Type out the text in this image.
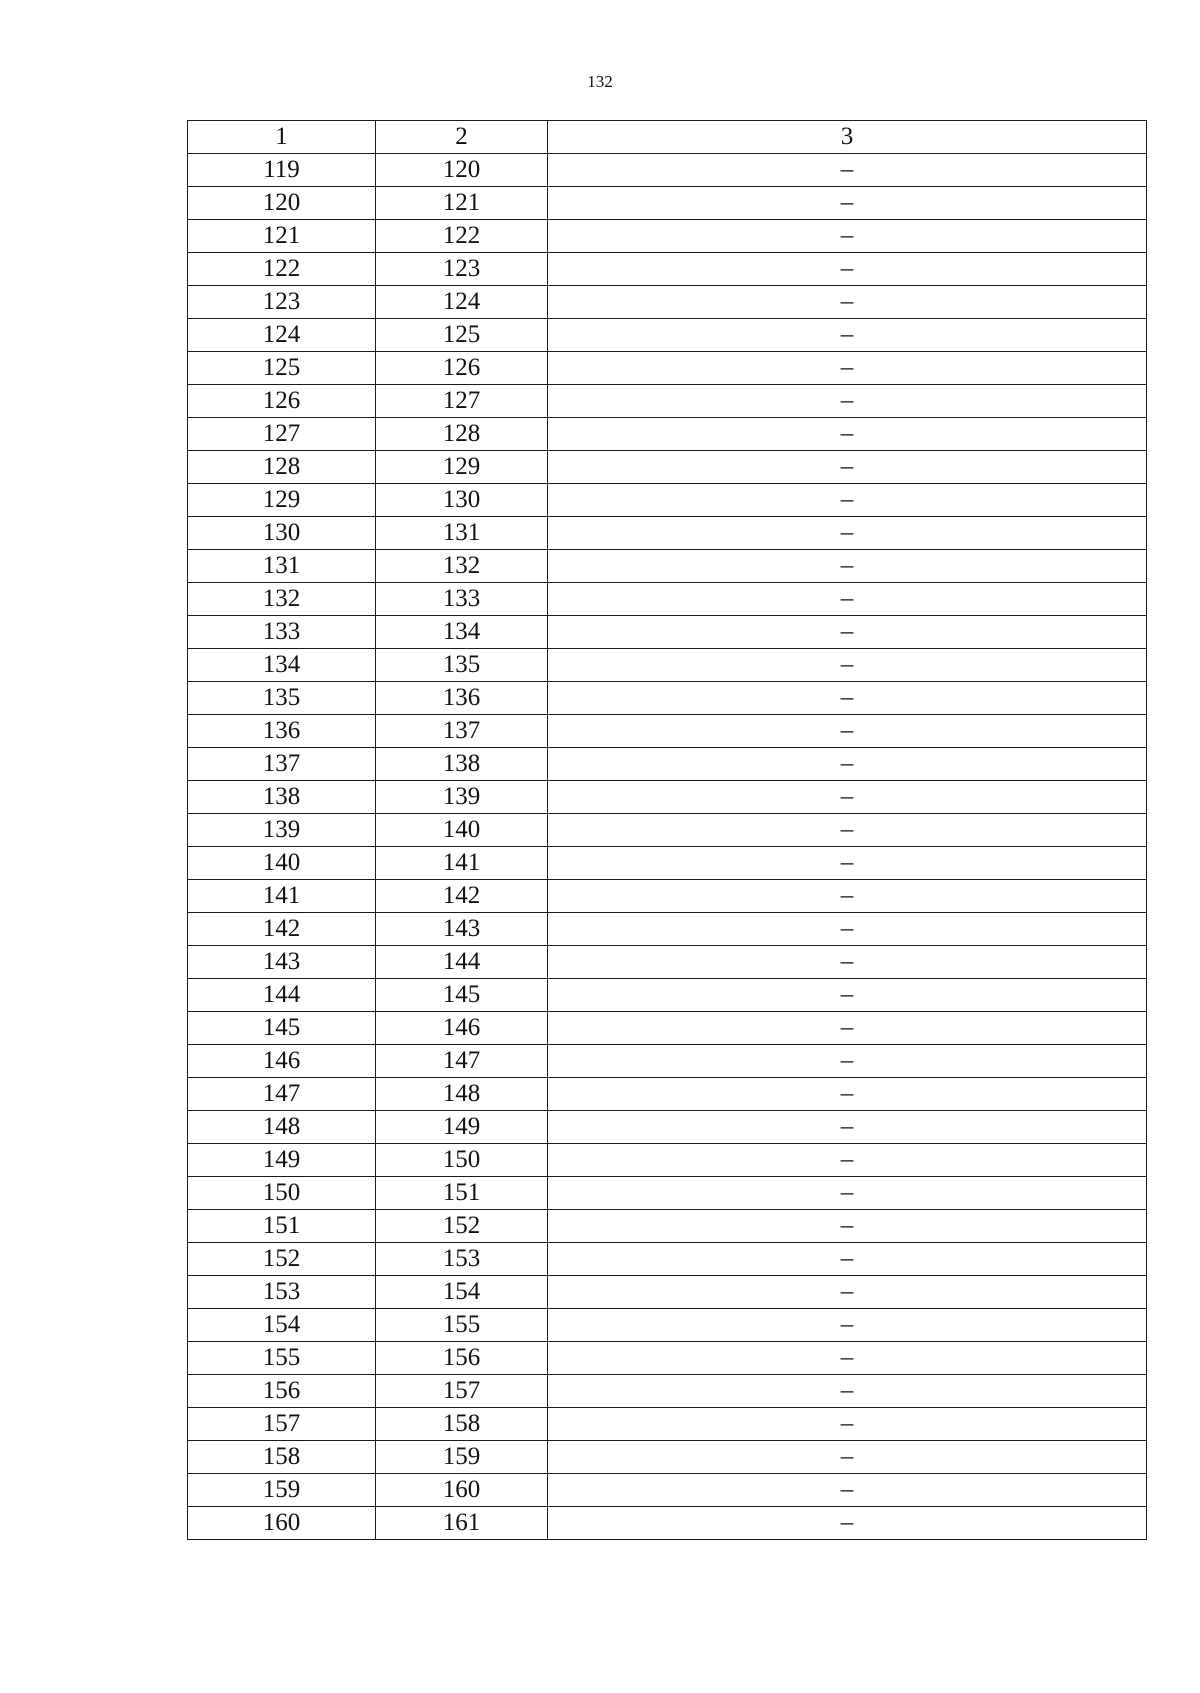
132
1	2	3
119	120	–
120	121	–
121	122	–
122	123	–
123	124	–
124	125	–
125	126	–
126	127	–
127	128	–
128	129	–
129	130	–
130	131	–
131	132	–
132	133	–
133	134	–
134	135	–
135	136	–
136	137	–
137	138	–
138	139	–
139	140	–
140	141	–
141	142	–
142	143	–
143	144	–
144	145	–
145	146	–
146	147	–
147	148	–
148	149	–
149	150	–
150	151	–
151	152	–
152	153	–
153	154	–
154	155	–
155	156	–
156	157	–
157	158	–
158	159	–
159	160	–
160	161	–
